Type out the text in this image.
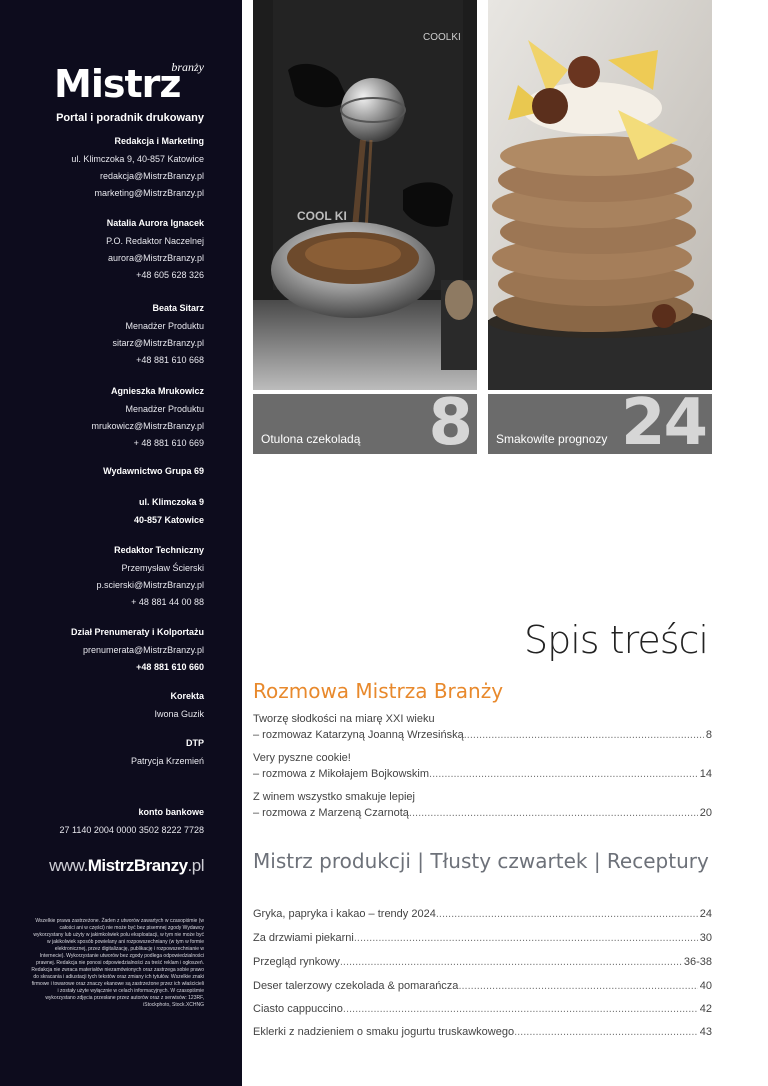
Mistrz
branży
Portal i poradnik drukowany
Redakcja i Marketing
ul. Klimczoka 9, 40-857 Katowice
redakcja@MistrzBranzy.pl
marketing@MistrzBranzy.pl
Natalia Aurora Ignacek
P.O. Redaktor Naczelnej
aurora@MistrzBranzy.pl
+48 605 628 326
Beata Sitarz
Menadżer Produktu
sitarz@MistrzBranzy.pl
+48 881 610 668
Agnieszka Mrukowicz
Menadżer Produktu
mrukowicz@MistrzBranzy.pl
+ 48 881 610 669
Wydawnictwo Grupa 69
ul. Klimczoka 9
40-857 Katowice
Redaktor Techniczny
Przemysław Ścierski
p.scierski@MistrzBranzy.pl
+ 48 881 44 00 88
Dział Prenumeraty i Kolportażu
prenumerata@MistrzBranzy.pl
+48 881 610 660
Korekta
Iwona Guzik
DTP
Patrycja Krzemień
konto bankowe
27 1140 2004 0000 3502 8222 7728
www.MistrzBranzy.pl
Wszelkie prawa zastrzeżone. Żaden z utworów zawartych w czasopiśmie (w całości ani w części) nie może być bez pisemnej zgody Wydawcy wykorzystany lub użyty w jakimkolwiek polu eksploatacji, w tym nie może być w jakikolwiek sposób powielany ani rozpowszechniany (w tym w formie elektronicznej, przez digitalizację, publikację i rozpowszechnianie w Internecie). Wykorzystanie utworów bez zgody podlega odpowiedzialności prawnej. Redakcja nie ponosi odpowiedzialności za treść reklam i ogłoszeń. Redakcja nie zwraca materiałów niezamówionych oraz zastrzega sobie prawo do skracania i adiustacji tych tekstów oraz zmiany ich tytułów. Wszelkie znaki firmowe i towarowe oraz znaczy ekanowe są zastrzeżone przez ich właścicieli i zostały użyte wyłącznie w celach informacyjnych. W czasopiśmie wykorzystano zdjęcia przesłane przez autorów oraz z serwisów: 123RF, iStockphoto, Stock.XCHNG
COOLKI
COOL KI
Otulona czekoladą 8 Smakowite prognozy 24
Spis treści
Rozmowa Mistrza Branży
Tworzę słodkości na miarę XXI wieku
– rozmowaz Katarzyną Joanną Wrzesińską .....	8
Very pyszne cookie!
– rozmowa z Mikołajem Bojkowskim .....	14
Z winem wszystko smakuje lepiej
– rozmowa z Marzeną Czarnotą .....	20
Mistrz produkcji | Tłusty czwartek | Receptury
Gryka, papryka i kakao – trendy 2024 .....	24
Za drzwiami piekarni .....	30
Przegląd rynkowy .....	36-38
Deser talerzowy czekolada & pomarańcza .....	40
Ciasto cappuccino .....	42
Eklerki z nadzieniem o smaku jogurtu truskawkowego .....	43
